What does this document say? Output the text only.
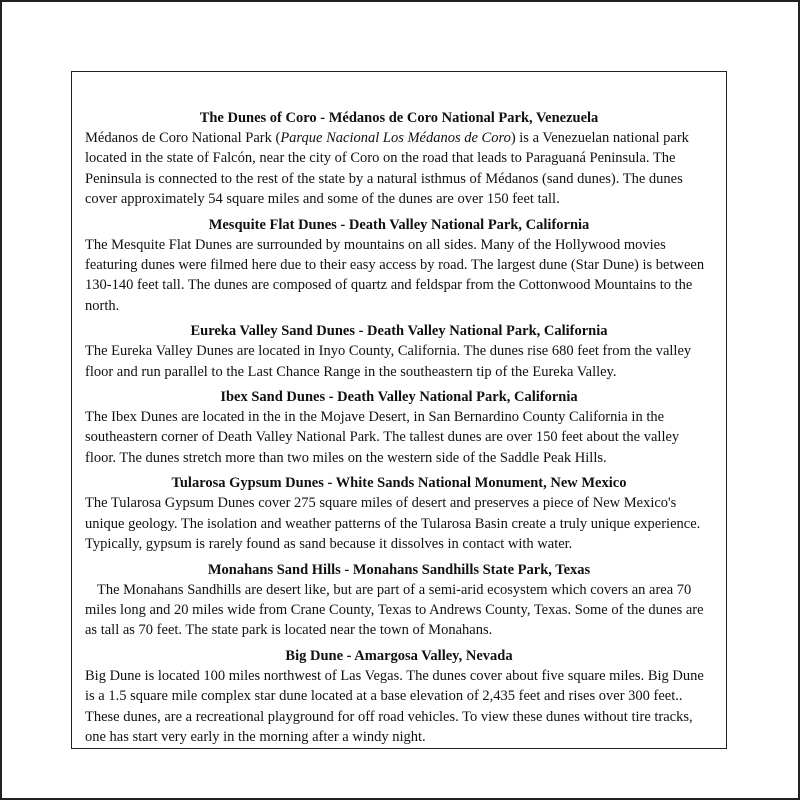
The Dunes of Coro - Médanos de Coro National Park, Venezuela

Médanos de Coro National Park (Parque Nacional Los Médanos de Coro) is a Venezuelan national park located in the state of Falcón, near the city of Coro on the road that leads to Paraguaná Peninsula. The Peninsula is connected to the rest of the state by a natural isthmus of Médanos (sand dunes). The dunes cover approximately 54 square miles and some of the dunes are over 150 feet tall.

Mesquite Flat Dunes - Death Valley National Park, California

The Mesquite Flat Dunes are surrounded by mountains on all sides. Many of the Hollywood movies featuring dunes were filmed here due to their easy access by road. The largest dune (Star Dune) is between 130-140 feet tall. The dunes are composed of quartz and feldspar from the Cottonwood Mountains to the north.

Eureka Valley Sand Dunes - Death Valley National Park, California

The Eureka Valley Dunes are located in Inyo County, California. The dunes rise 680 feet from the valley floor and run parallel to the Last Chance Range in the southeastern tip of the Eureka Valley.

Ibex Sand Dunes - Death Valley National Park, California

The Ibex Dunes are located in the in the Mojave Desert, in San Bernardino County California in the southeastern corner of Death Valley National Park. The tallest dunes are over 150 feet about the valley floor. The dunes stretch more than two miles on the western side of the Saddle Peak Hills.

Tularosa Gypsum Dunes - White Sands National Monument, New Mexico

The Tularosa Gypsum Dunes cover 275 square miles of desert and preserves a piece of New Mexico's unique geology. The isolation and weather patterns of the Tularosa Basin create a truly unique experience. Typically, gypsum is rarely found as sand because it dissolves in contact with water.

Monahans Sand Hills - Monahans Sandhills State Park, Texas

The Monahans Sandhills are desert like, but are part of a semi-arid ecosystem which covers an area 70 miles long and 20 miles wide from Crane County, Texas to Andrews County, Texas. Some of the dunes are as tall as 70 feet. The state park is located near the town of Monahans.

Big Dune - Amargosa Valley, Nevada

Big Dune is located 100 miles northwest of Las Vegas. The dunes cover about five square miles. Big Dune is a 1.5 square mile complex star dune located at a base elevation of 2,435 feet and rises over 300 feet.. These dunes, are a recreational playground for off road vehicles. To view these dunes without tire tracks, one has start very early in the morning after a windy night.
